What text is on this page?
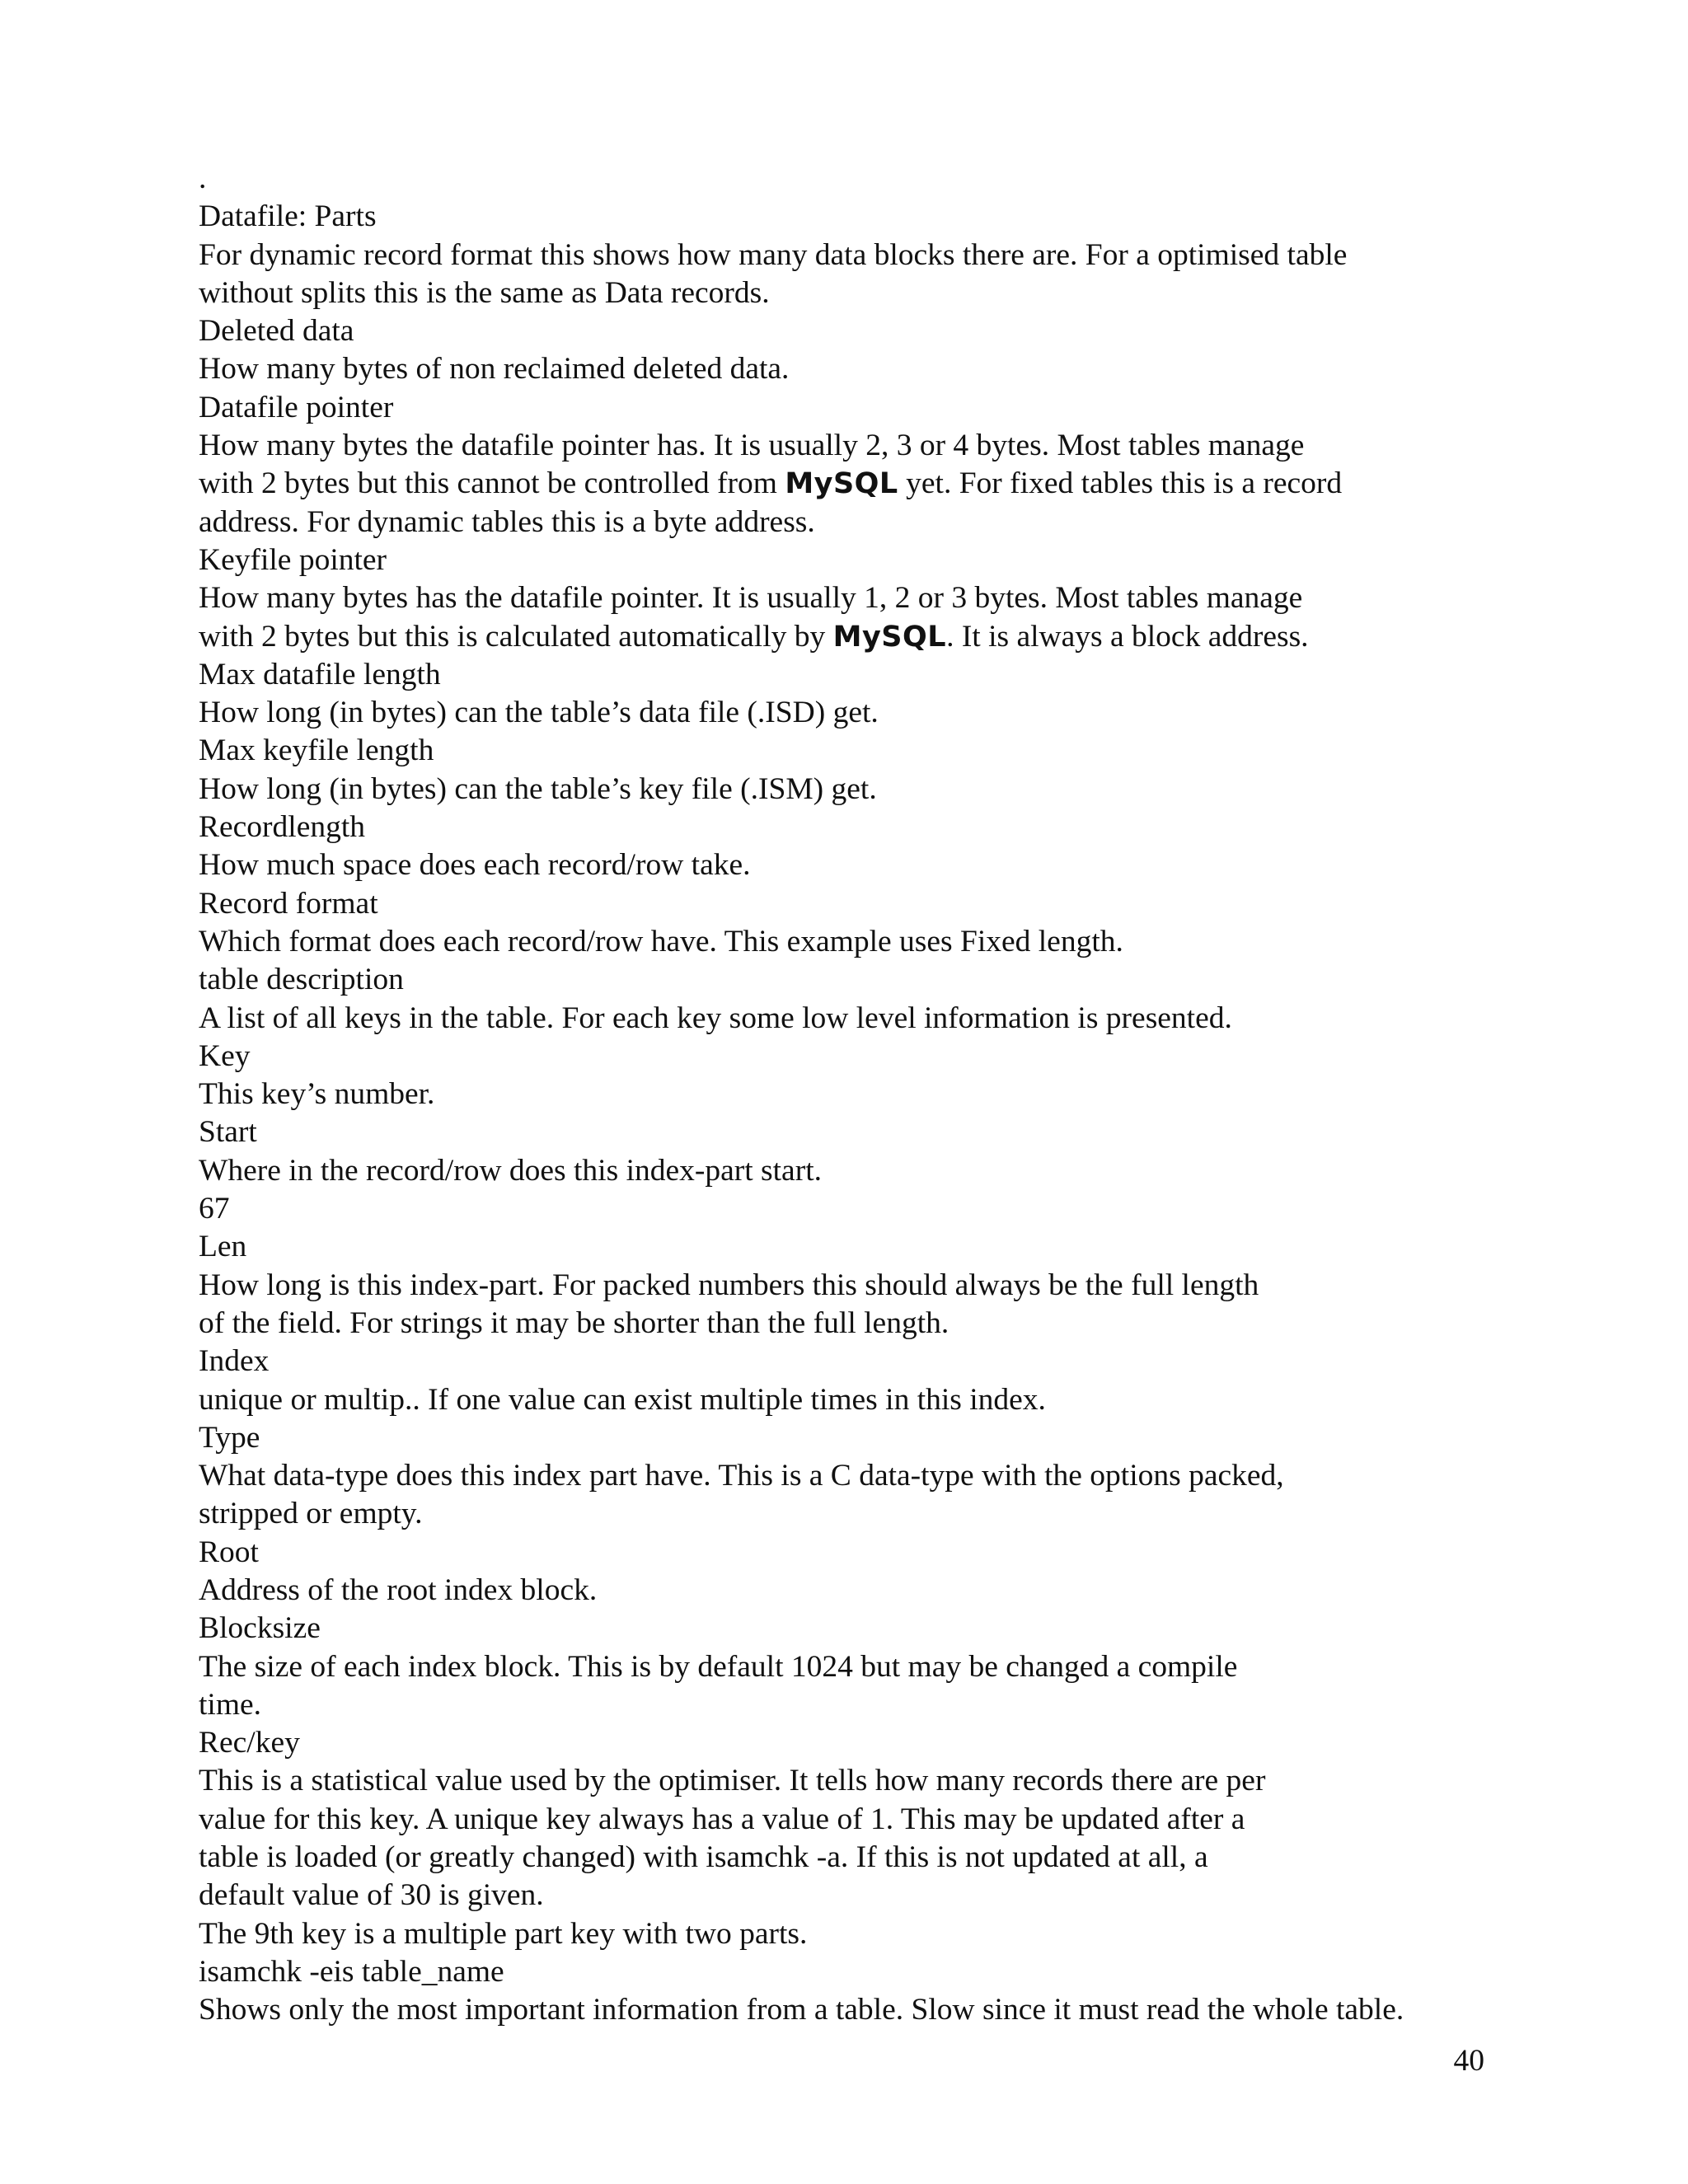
.
Datafile: Parts
For dynamic record format this shows how many data blocks there are. For a optimised table
without splits this is the same as Data records.
Deleted data
How many bytes of non reclaimed deleted data.
Datafile pointer
How many bytes the datafile pointer has. It is usually 2, 3 or 4 bytes. Most tables manage
with 2 bytes but this cannot be controlled from MySQL yet. For fixed tables this is a record
address. For dynamic tables this is a byte address.
Keyfile pointer
How many bytes has the datafile pointer. It is usually 1, 2 or 3 bytes. Most tables manage
with 2 bytes but this is calculated automatically by MySQL. It is always a block address.
Max datafile length
How long (in bytes) can the table’s data file (.ISD) get.
Max keyfile length
How long (in bytes) can the table’s key file (.ISM) get.
Recordlength
How much space does each record/row take.
Record format
Which format does each record/row have. This example uses Fixed length.
table description
A list of all keys in the table. For each key some low level information is presented.
Key
This key’s number.
Start
Where in the record/row does this index-part start.
67
Len
How long is this index-part. For packed numbers this should always be the full length
of the field. For strings it may be shorter than the full length.
Index
unique or multip.. If one value can exist multiple times in this index.
Type
What data-type does this index part have. This is a C data-type with the options packed,
stripped or empty.
Root
Address of the root index block.
Blocksize
The size of each index block. This is by default 1024 but may be changed a compile
time.
Rec/key
This is a statistical value used by the optimiser. It tells how many records there are per
value for this key. A unique key always has a value of 1. This may be updated after a
table is loaded (or greatly changed) with isamchk -a. If this is not updated at all, a
default value of 30 is given.
The 9th key is a multiple part key with two parts.
isamchk -eis table_name
Shows only the most important information from a table. Slow since it must read the whole table.
40
